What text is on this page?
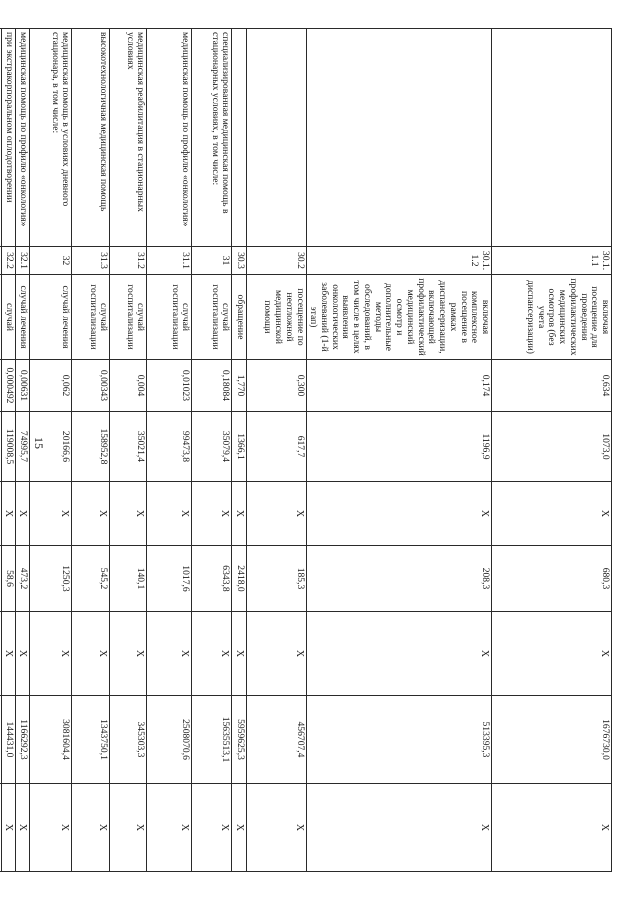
15
	30.1.1.1	включая посещение для проведения профилактических медицинских осмотров (без учета диспансеризации)	0,634	1073,0	Х	680,3	Х	1676730,0	Х
	30.1.1.2	включая комплексное посещение в рамках диспансеризации, включающей профилактический медицинский осмотр и дополнительные методы обследований, в том числе в целях выявления онкологических заболеваний (1-й этап)	0,174	1196,9	Х	208,3	Х	513395,3	Х
	30.2	посещение по неотложной медицинской помощи	0,300	617,7	Х	185,3	Х	456707,4	Х
	30.3	обращение	1,770	1366,1	Х	2418,0	Х	5959625,3	Х
специализированная медицинская помощь в стационарных условиях, в том числе:	31	случай госпитализации	0,18084	35079,4	Х	6343,8	Х	15635513,1	Х
медицинская помощь по профилю «онкология»	31.1	случай госпитализации	0,01023	99473,8	Х	1017,6	Х	2508070,6	Х
медицинская реабилитация в стационарных условиях	31.2	случай госпитализации	0,004	35021,4	Х	140,1	Х	345303,3	Х
высокотехнологичная медицинская помощь	31.3	случай госпитализации	0,00343	158952,8	Х	545,2	Х	1343750,1	Х
медицинская помощь в условиях дневного стационара, в том числе:	32	случай лечения	0,062	20166,6	Х	1250,3	Х	3081604,4	Х
медицинская помощь по профилю «онкология»	32.1	случай лечения	0,00631	74995,7	Х	473,2	Х	1166292,3	Х
при экстракорпоральном оплодотворении	32.2	случай	0,000492	119008,5	Х	58,6	Х	144431,0	Х
